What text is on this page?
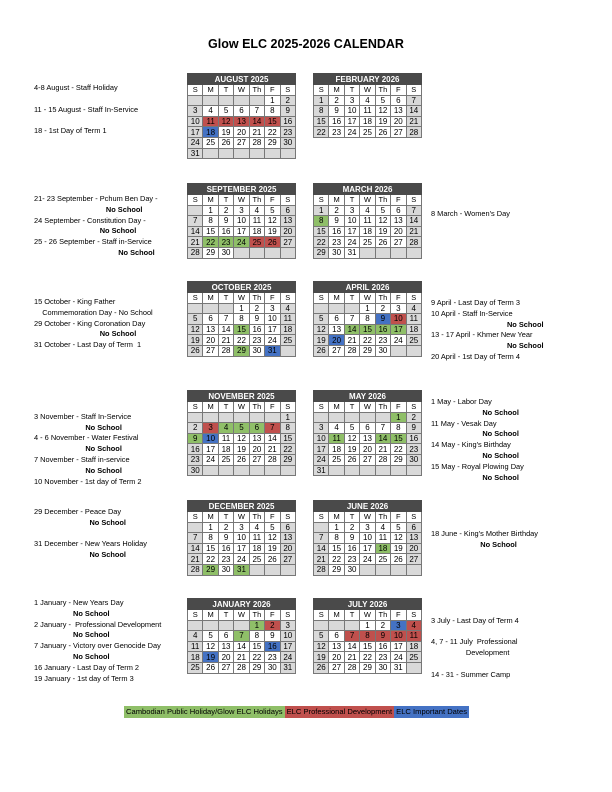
Glow ELC 2025-2026 CALENDAR
AUGUST 2025						
S	M	T	W	Th	F	S
					1	2
3	4	5	6	7	8	9
10	11	12	13	14	15	16
17	18	19	20	21	22	23
24	25	26	27	28	29	30
31						
FEBRUARY 2026						
S	M	T	W	Th	F	S
1	2	3	4	5	6	7
8	9	10	11	12	13	14
15	16	17	18	19	20	21
22	23	24	25	26	27	28
4-8 August - Staff Holiday

11 - 15 August - Staff In-Service

18 - 1st Day of Term 1
SEPTEMBER 2025						
S	M	T	W	Th	F	S
	1	2	3	4	5	6
7	8	9	10	11	12	13
14	15	16	17	18	19	20
21	22	23	24	25	26	27
28	29	30				
MARCH 2026						
S	M	T	W	Th	F	S
1	2	3	4	5	6	7
8	9	10	11	12	13	14
15	16	17	18	19	20	21
22	23	24	25	26	27	28
29	30	31				
21- 23 September - Pchum Ben Day -
No School
24 September - Constitution Day -
No School
25 - 26 September - Staff in-Service
No School

8 March - Women's Day
OCTOBER 2025						
S	M	T	W	Th	F	S
			1	2	3	4
5	6	7	8	9	10	11
12	13	14	15	16	17	18
19	20	21	22	23	24	25
26	27	28	29	30	31	
APRIL 2026						
S	M	T	W	Th	F	S
			1	2	3	4
5	6	7	8	9	10	11
12	13	14	15	16	17	18
19	20	21	22	23	24	25
26	27	28	29	30		
15 October - King Father
Commemoration Day - No School
29 October - King Coronation Day
No School
31 October - Last Day of Term  1
9 April - Last Day of Term 3
10 April - Staff In-Service
No School
13 - 17 April - Khmer New Year
No School
20 April - 1st Day of Term 4
NOVEMBER 2025						
S	M	T	W	Th	F	S
						1
2	3	4	5	6	7	8
9	10	11	12	13	14	15
16	17	18	19	20	21	22
23	24	25	26	27	28	29
30						
MAY 2026						
S	M	T	W	Th	F	S
					1	2
3	4	5	6	7	8	9
10	11	12	13	14	15	16
17	18	19	20	21	22	23
24	25	26	27	28	29	30
31						

3 November - Staff In-Service
No School
4 - 6 November - Water Festival
No School
7 November - Staff in-service
No School
10 November - 1st day of Term 2
1 May - Labor Day
No School
11 May - Vesak Day
No School
14 May - King's Birthday
No School
15 May - Royal Plowing Day
No School
DECEMBER 2025						
S	M	T	W	Th	F	S
	1	2	3	4	5	6
7	8	9	10	11	12	13
14	15	16	17	18	19	20
21	22	23	24	25	26	27
28	29	30	31			
JUNE 2026						
S	M	T	W	Th	F	S
	1	2	3	4	5	6
7	8	9	10	11	12	13
14	15	16	17	18	19	20
21	22	23	24	25	26	27
28	29	30				
29 December - Peace Day
No School

31 December - New Years Holiday
No School

18 June - King's Mother Birthday
No School
JANUARY 2026						
S	M	T	W	Th	F	S
				1	2	3
4	5	6	7	8	9	10
11	12	13	14	15	16	17
18	19	20	21	22	23	24
25	26	27	28	29	30	31
JULY 2026						
S	M	T	W	Th	F	S
			1	2	3	4
5	6	7	8	9	10	11
12	13	14	15	16	17	18
19	20	21	22	23	24	25
26	27	28	29	30	31	
1 January - New Years Day
No School
2 January -  Professional Development
No School
7 January - Victory over Genocide Day
No School
16 January - Last Day of Term 2
19 January - 1st day of Term 3

3 July - Last Day of Term 4

4, 7 - 11 July  Professional
Development

14 - 31 - Summer Camp
Cambodian Public Holiday/Glow ELC Holidays ELC Professional Development ELC Important Dates
